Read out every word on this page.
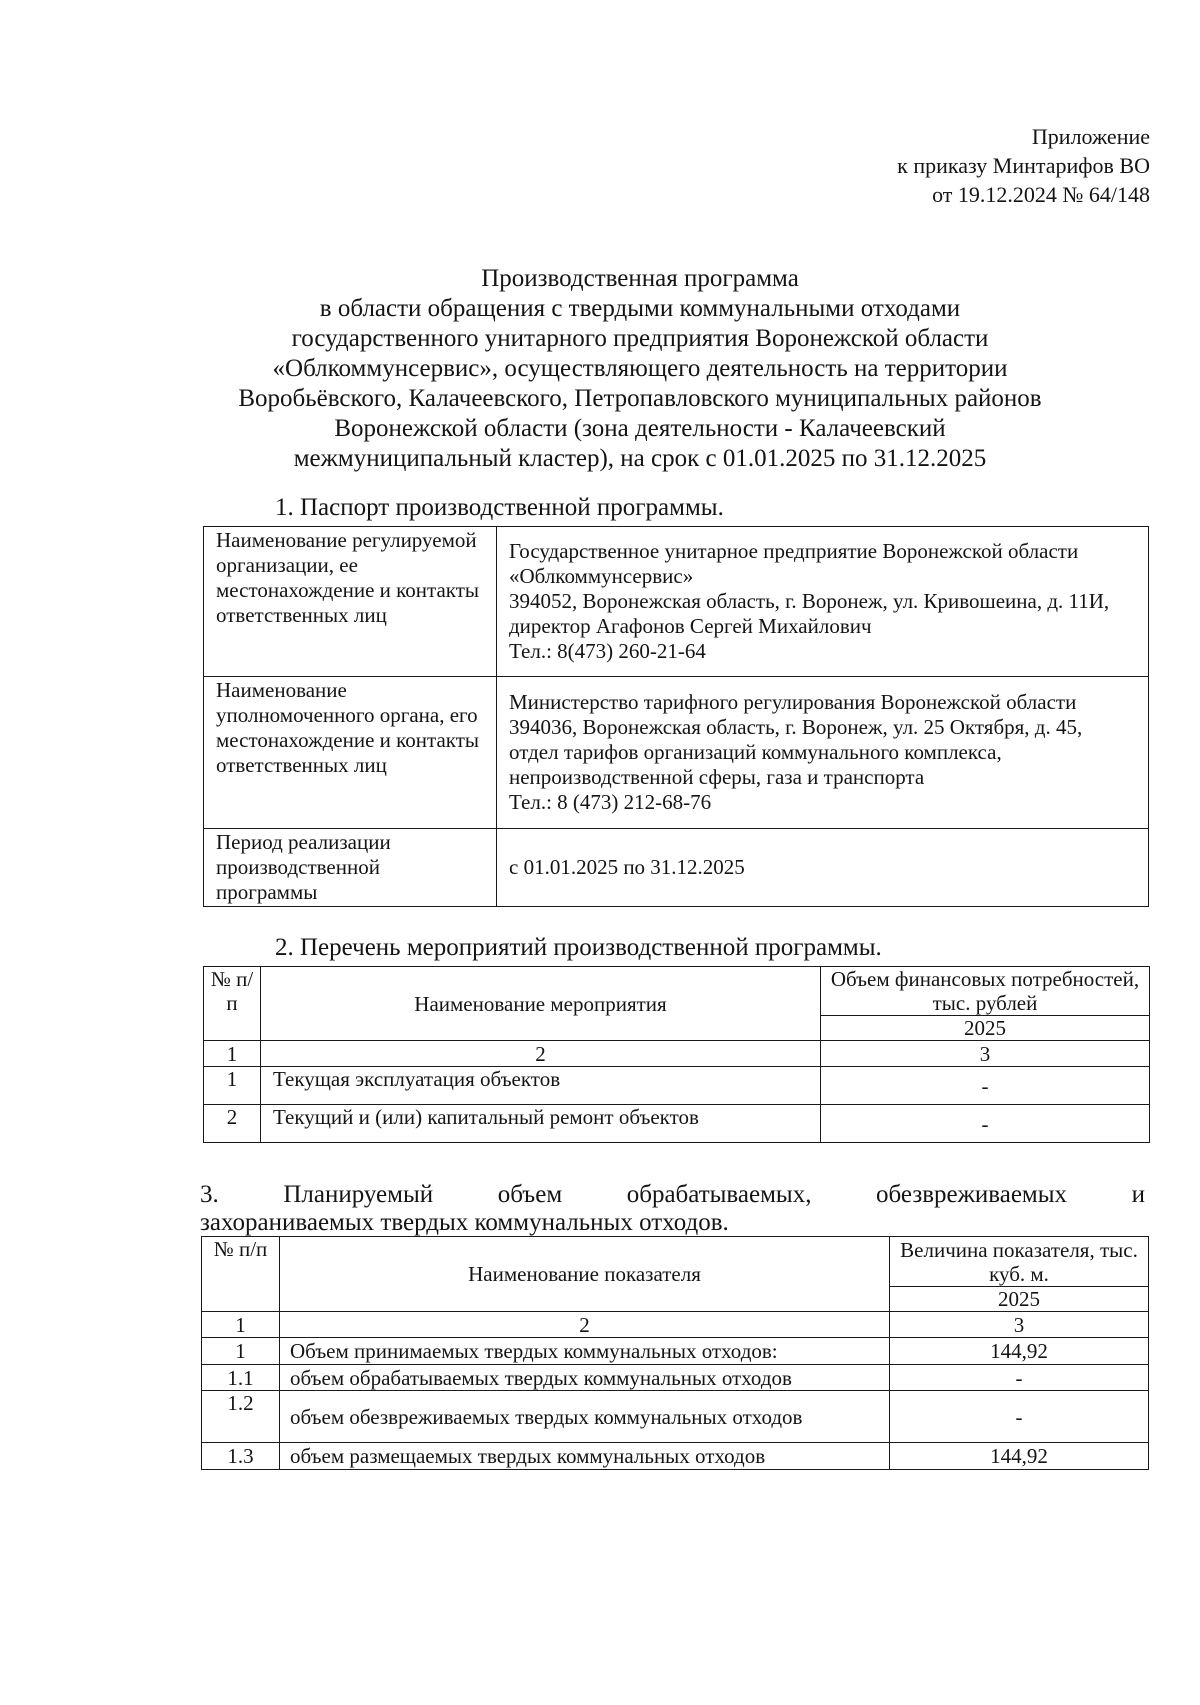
Приложение
к приказу Минтарифов ВО
от 19.12.2024 № 64/148
Производственная программа
в области обращения с твердыми коммунальными отходами
государственного унитарного предприятия Воронежской области
«Облкоммунсервис», осуществляющего деятельность на территории
Воробьёвского, Калачеевского, Петропавловского муниципальных районов
Воронежской области (зона деятельности - Калачеевский
межмуниципальный кластер), на срок с 01.01.2025 по 31.12.2025
1. Паспорт производственной программы.
Наименование регулируемой организации, ее местонахождение и контакты ответственных лиц	Государственное унитарное предприятие Воронежской области «Облкоммунсервис»
394052, Воронежская область, г. Воронеж, ул. Кривошеина, д. 11И, директор Агафонов Сергей Михайлович
Тел.: 8(473) 260-21-64
Наименование уполномоченного органа, его местонахождение и контакты ответственных лиц	Министерство тарифного регулирования Воронежской области
394036, Воронежская область, г. Воронеж, ул. 25 Октября, д. 45, отдел тарифов организаций коммунального комплекса, непроизводственной сферы, газа и транспорта
Тел.: 8 (473) 212-68-76
Период реализации производственной программы	с 01.01.2025 по 31.12.2025
2. Перечень мероприятий производственной программы.
№ п/п	Наименование мероприятия	Объем финансовых потребностей, тыс. рублей
		2025
1	2	3
1	Текущая эксплуатация объектов	-
2	Текущий и (или) капитальный ремонт объектов	-
3.	Планируемый	объем	обрабатываемых,	обезвреживаемых	и
захораниваемых твердых коммунальных отходов.
№ п/п	Наименование показателя	Величина показателя, тыс. куб. м.
		2025
1	2	3
1	Объем принимаемых твердых коммунальных отходов:	144,92
1.1	объем обрабатываемых твердых коммунальных отходов	-
1.2	объем обезвреживаемых твердых коммунальных отходов	-
1.3	объем размещаемых твердых коммунальных отходов	144,92
